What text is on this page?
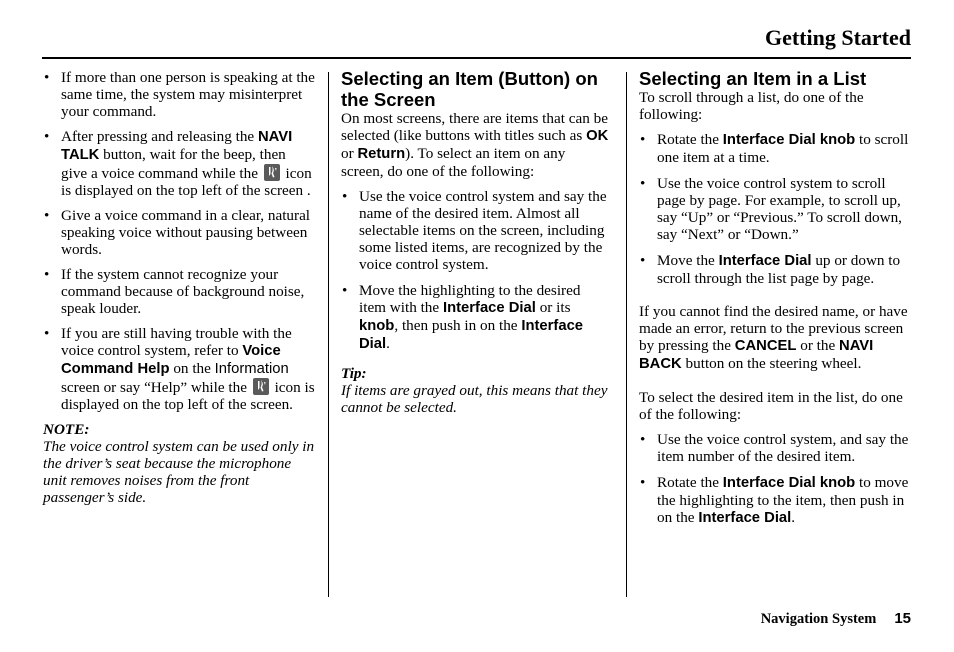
Getting Started
• If more than one person is speaking at the same time, the system may misinterpret your command.
• After pressing and releasing the NAVI TALK button, wait for the beep, then give a voice command while the
icon is displayed on the top left of the screen .
• Give a voice command in a clear, natural speaking voice without pausing between words.
• If the system cannot recognize your command because of background noise, speak louder.
• If you are still having trouble with the voice control system, refer to Voice Command Help on the Information screen or say “Help” while the
icon is displayed on the top left of the screen.

NOTE:

The voice control system can be used only in the driver’s seat because the microphone unit removes noises from the front passenger’s side.

Selecting an Item (Button) on the Screen

On most screens, there are items that can be selected (like buttons with titles such as OK or Return). To select an item on any screen, do one of the following:

• Use the voice control system and say the name of the desired item. Almost all selectable items on the screen, including some listed items, are recognized by the voice control system.
• Move the highlighting to the desired item with the Interface Dial or its knob, then push in on the Interface Dial.

Tip:

If items are grayed out, this means that they cannot be selected.

Selecting an Item in a List

To scroll through a list, do one of the following:

• Rotate the Interface Dial knob to scroll one item at a time.
• Use the voice control system to scroll page by page. For example, to scroll up, say “Up” or “Previous.” To scroll down, say “Next” or “Down.”
• Move the Interface Dial up or down to scroll through the list page by page.

If you cannot find the desired name, or have made an error, return to the previous screen by pressing the CANCEL or the NAVI BACK button on the steering wheel.

To select the desired item in the list, do one of the following:

• Use the voice control system, and say the item number of the desired item.
• Rotate the Interface Dial knob to move the highlighting to the item, then push in on the Interface Dial.
Navigation System 15
